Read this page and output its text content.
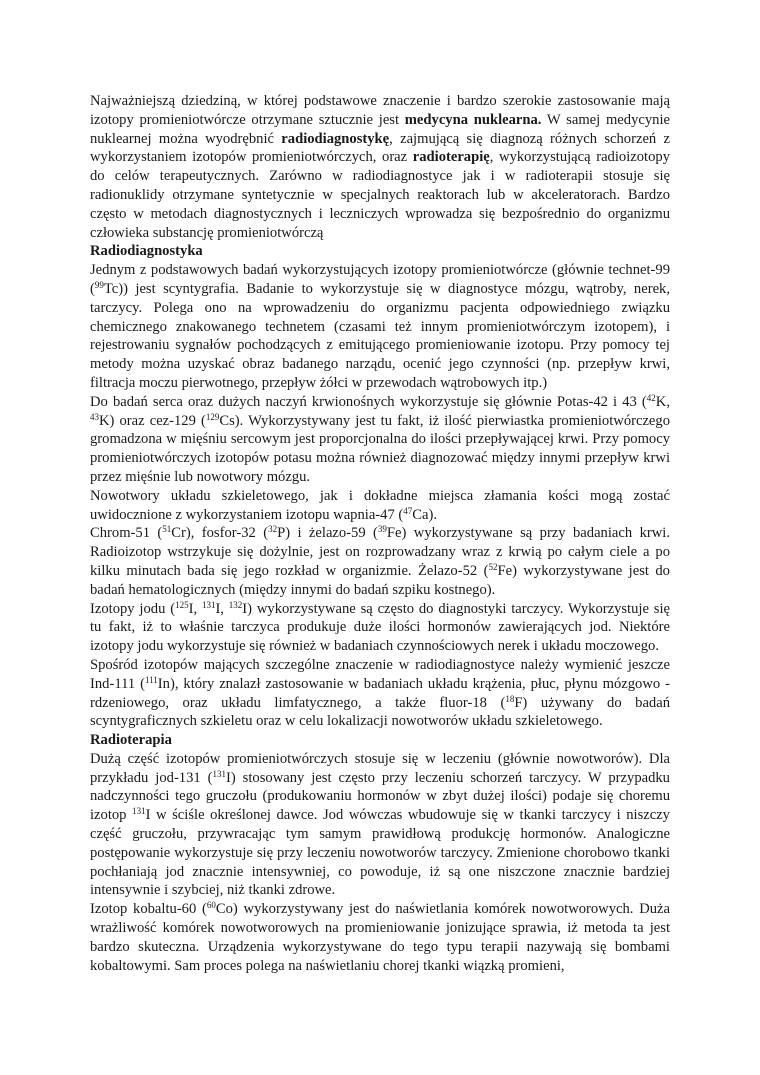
Najważniejszą dziedziną, w której podstawowe znaczenie i bardzo szerokie zastosowanie mają izotopy promieniotwórcze otrzymane sztucznie jest medycyna nuklearna. W samej medycynie nuklearnej można wyodrębnić radiodiagnostykę, zajmującą się diagnozą różnych schorzeń z wykorzystaniem izotopów promieniotwórczych, oraz radioterapię, wykorzystującą radioizotopy do celów terapeutycznych. Zarówno w radiodiagnostyce jak i w radioterapii stosuje się radionuklidy otrzymane syntetycznie w specjalnych reaktorach lub w akceleratorach. Bardzo często w metodach diagnostycznych i leczniczych wprowadza się bezpośrednio do organizmu człowieka substancję promieniotwórczą

Radiodiagnostyka

Jednym z podstawowych badań wykorzystujących izotopy promieniotwórcze (głównie technet-99 ($^{99}$Tc)) jest scyntygrafia. Badanie to wykorzystuje się w diagnostyce mózgu, wątroby, nerek, tarczycy. Polega ono na wprowadzeniu do organizmu pacjenta odpowiedniego związku chemicznego znakowanego technetem (czasami też innym promieniotwórczym izotopem), i rejestrowaniu sygnałów pochodzących z emitującego promieniowanie izotopu. Przy pomocy tej metody można uzyskać obraz badanego narządu, ocenić jego czynności (np. przepływ krwi, filtracja moczu pierwotnego, przepływ żółci w przewodach wątrobowych itp.)

Do badań serca oraz dużych naczyń krwionośnych wykorzystuje się głównie Potas-42 i 43 ($^{42}$K, $^{43}$K) oraz cez-129 ($^{129}$Cs). Wykorzystywany jest tu fakt, iż ilość pierwiastka promieniotwórczego gromadzona w mięśniu sercowym jest proporcjonalna do ilości przepływającej krwi. Przy pomocy promieniotwórczych izotopów potasu można również diagnozować między innymi przepływ krwi przez mięśnie lub nowotwory mózgu.

Nowotwory układu szkieletowego, jak i dokładne miejsca złamania kości mogą zostać uwidocznione z wykorzystaniem izotopu wapnia-47 ($^{47}$Ca).

Chrom-51 ($^{51}$Cr), fosfor-32 ($^{32}$P) i żelazo-59 ($^{39}$Fe) wykorzystywane są przy badaniach krwi. Radioizotop wstrzykuje się dożylnie, jest on rozprowadzany wraz z krwią po całym ciele a po kilku minutach bada się jego rozkład w organizmie. Żelazo-52 ($^{52}$Fe) wykorzystywane jest do badań hematologicznych (między innymi do badań szpiku kostnego).

Izotopy jodu ($^{125}$I, $^{131}$I, $^{132}$I) wykorzystywane są często do diagnostyki tarczycy. Wykorzystuje się tu fakt, iż to właśnie tarczyca produkuje duże ilości hormonów zawierających jod. Niektóre izotopy jodu wykorzystuje się również w badaniach czynnościowych nerek i układu moczowego.

Spośród izotopów mających szczególne znaczenie w radiodiagnostyce należy wymienić jeszcze Ind-111 ($^{111}$In), który znalazł zastosowanie w badaniach układu krążenia, płuc, płynu mózgowo - rdzeniowego, oraz układu limfatycznego, a także fluor-18 ($^{18}$F) używany do badań scyntygraficznych szkieletu oraz w celu lokalizacji nowotworów układu szkieletowego.

Radioterapia

Dużą część izotopów promieniotwórczych stosuje się w leczeniu (głównie nowotworów). Dla przykładu jod-131 ($^{131}$I) stosowany jest często przy leczeniu schorzeń tarczycy. W przypadku nadczynności tego gruczołu (produkowaniu hormonów w zbyt dużej ilości) podaje się choremu izotop $^{131}$I w ściśle określonej dawce. Jod wówczas wbudowuje się w tkanki tarczycy i niszczy część gruczołu, przywracając tym samym prawidłową produkcję hormonów. Analogiczne postępowanie wykorzystuje się przy leczeniu nowotworów tarczycy. Zmienione chorobowo tkanki pochłaniają jod znacznie intensywniej, co powoduje, iż są one niszczone znacznie bardziej intensywnie i szybciej, niż tkanki zdrowe.

Izotop kobaltu-60 ($^{60}$Co) wykorzystywany jest do naświetlania komórek nowotworowych. Duża wrażliwość komórek nowotworowych na promieniowanie jonizujące sprawia, iż metoda ta jest bardzo skuteczna. Urządzenia wykorzystywane do tego typu terapii nazywają się bombami kobaltowymi. Sam proces polega na naświetlaniu chorej tkanki wiązką promieni,
